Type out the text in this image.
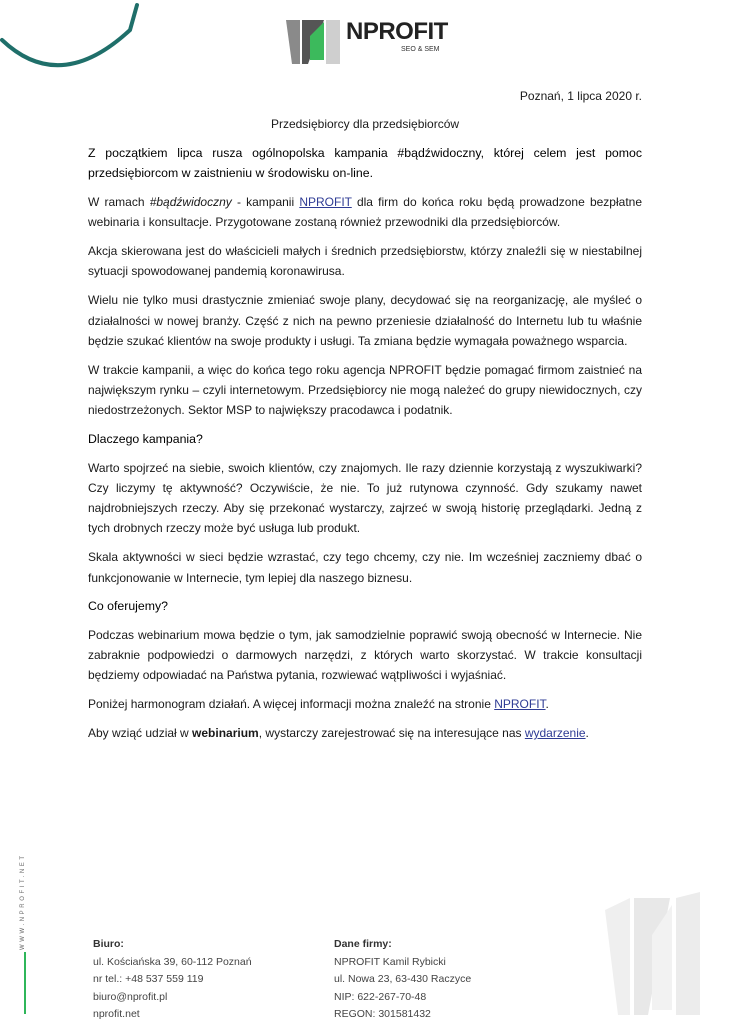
NPROFIT
SEO & SEM
Poznań, 1 lipca 2020 r.
Przedsiębiorcy dla przedsiębiorców

Z początkiem lipca rusza ogólnopolska kampania #bądźwidoczny, której celem jest pomoc przedsiębiorcom w zaistnieniu w środowisku on-line.

W ramach #bądźwidoczny - kampanii NPROFIT dla firm do końca roku będą prowadzone bezpłatne webinaria i konsultacje. Przygotowane zostaną również przewodniki dla przedsiębiorców.

Akcja skierowana jest do właścicieli małych i średnich przedsiębiorstw, którzy znaleźli się w niestabilnej sytuacji spowodowanej pandemią koronawirusa.

Wielu nie tylko musi drastycznie zmieniać swoje plany, decydować się na reorganizację, ale myśleć o działalności w nowej branży. Część z nich na pewno przeniesie działalność do Internetu lub tu właśnie będzie szukać klientów na swoje produkty i usługi. Ta zmiana będzie wymagała poważnego wsparcia.

W trakcie kampanii, a więc do końca tego roku agencja NPROFIT będzie pomagać firmom zaistnieć na największym rynku – czyli internetowym. Przedsiębiorcy nie mogą należeć do grupy niewidocznych, czy niedostrzeżonych. Sektor MSP to największy pracodawca i podatnik.

Dlaczego kampania?

Warto spojrzeć na siebie, swoich klientów, czy znajomych. Ile razy dziennie korzystają z wyszukiwarki? Czy liczymy tę aktywność? Oczywiście, że nie. To już rutynowa czynność. Gdy szukamy nawet najdrobniejszych rzeczy. Aby się przekonać wystarczy, zajrzeć w swoją historię przeglądarki. Jedną z tych drobnych rzeczy może być usługa lub produkt.

Skala aktywności w sieci będzie wzrastać, czy tego chcemy, czy nie. Im wcześniej zaczniemy dbać o funkcjonowanie w Internecie, tym lepiej dla naszego biznesu.

Co oferujemy?

Podczas webinarium mowa będzie o tym, jak samodzielnie poprawić swoją obecność w Internecie. Nie zabraknie podpowiedzi o darmowych narzędzi, z których warto skorzystać. W trakcie konsultacji będziemy odpowiadać na Państwa pytania, rozwiewać wątpliwości i wyjaśniać.

Poniżej harmonogram działań. A więcej informacji można znaleźć na stronie NPROFIT.

Aby wziąć udział w webinarium, wystarczy zarejestrować się na interesujące nas wydarzenie.

WWW.NPROFIT.NET	Biuro:
ul. Kościańska 39, 60-112 Poznań
nr tel.: +48 537 559 119
biuro@nprofit.pl
nprofit.net
Dane firmy:
NPROFIT Kamil Rybicki
ul. Nowa 23, 63-430 Raczyce
NIP: 622-267-70-48
REGON: 301581432
